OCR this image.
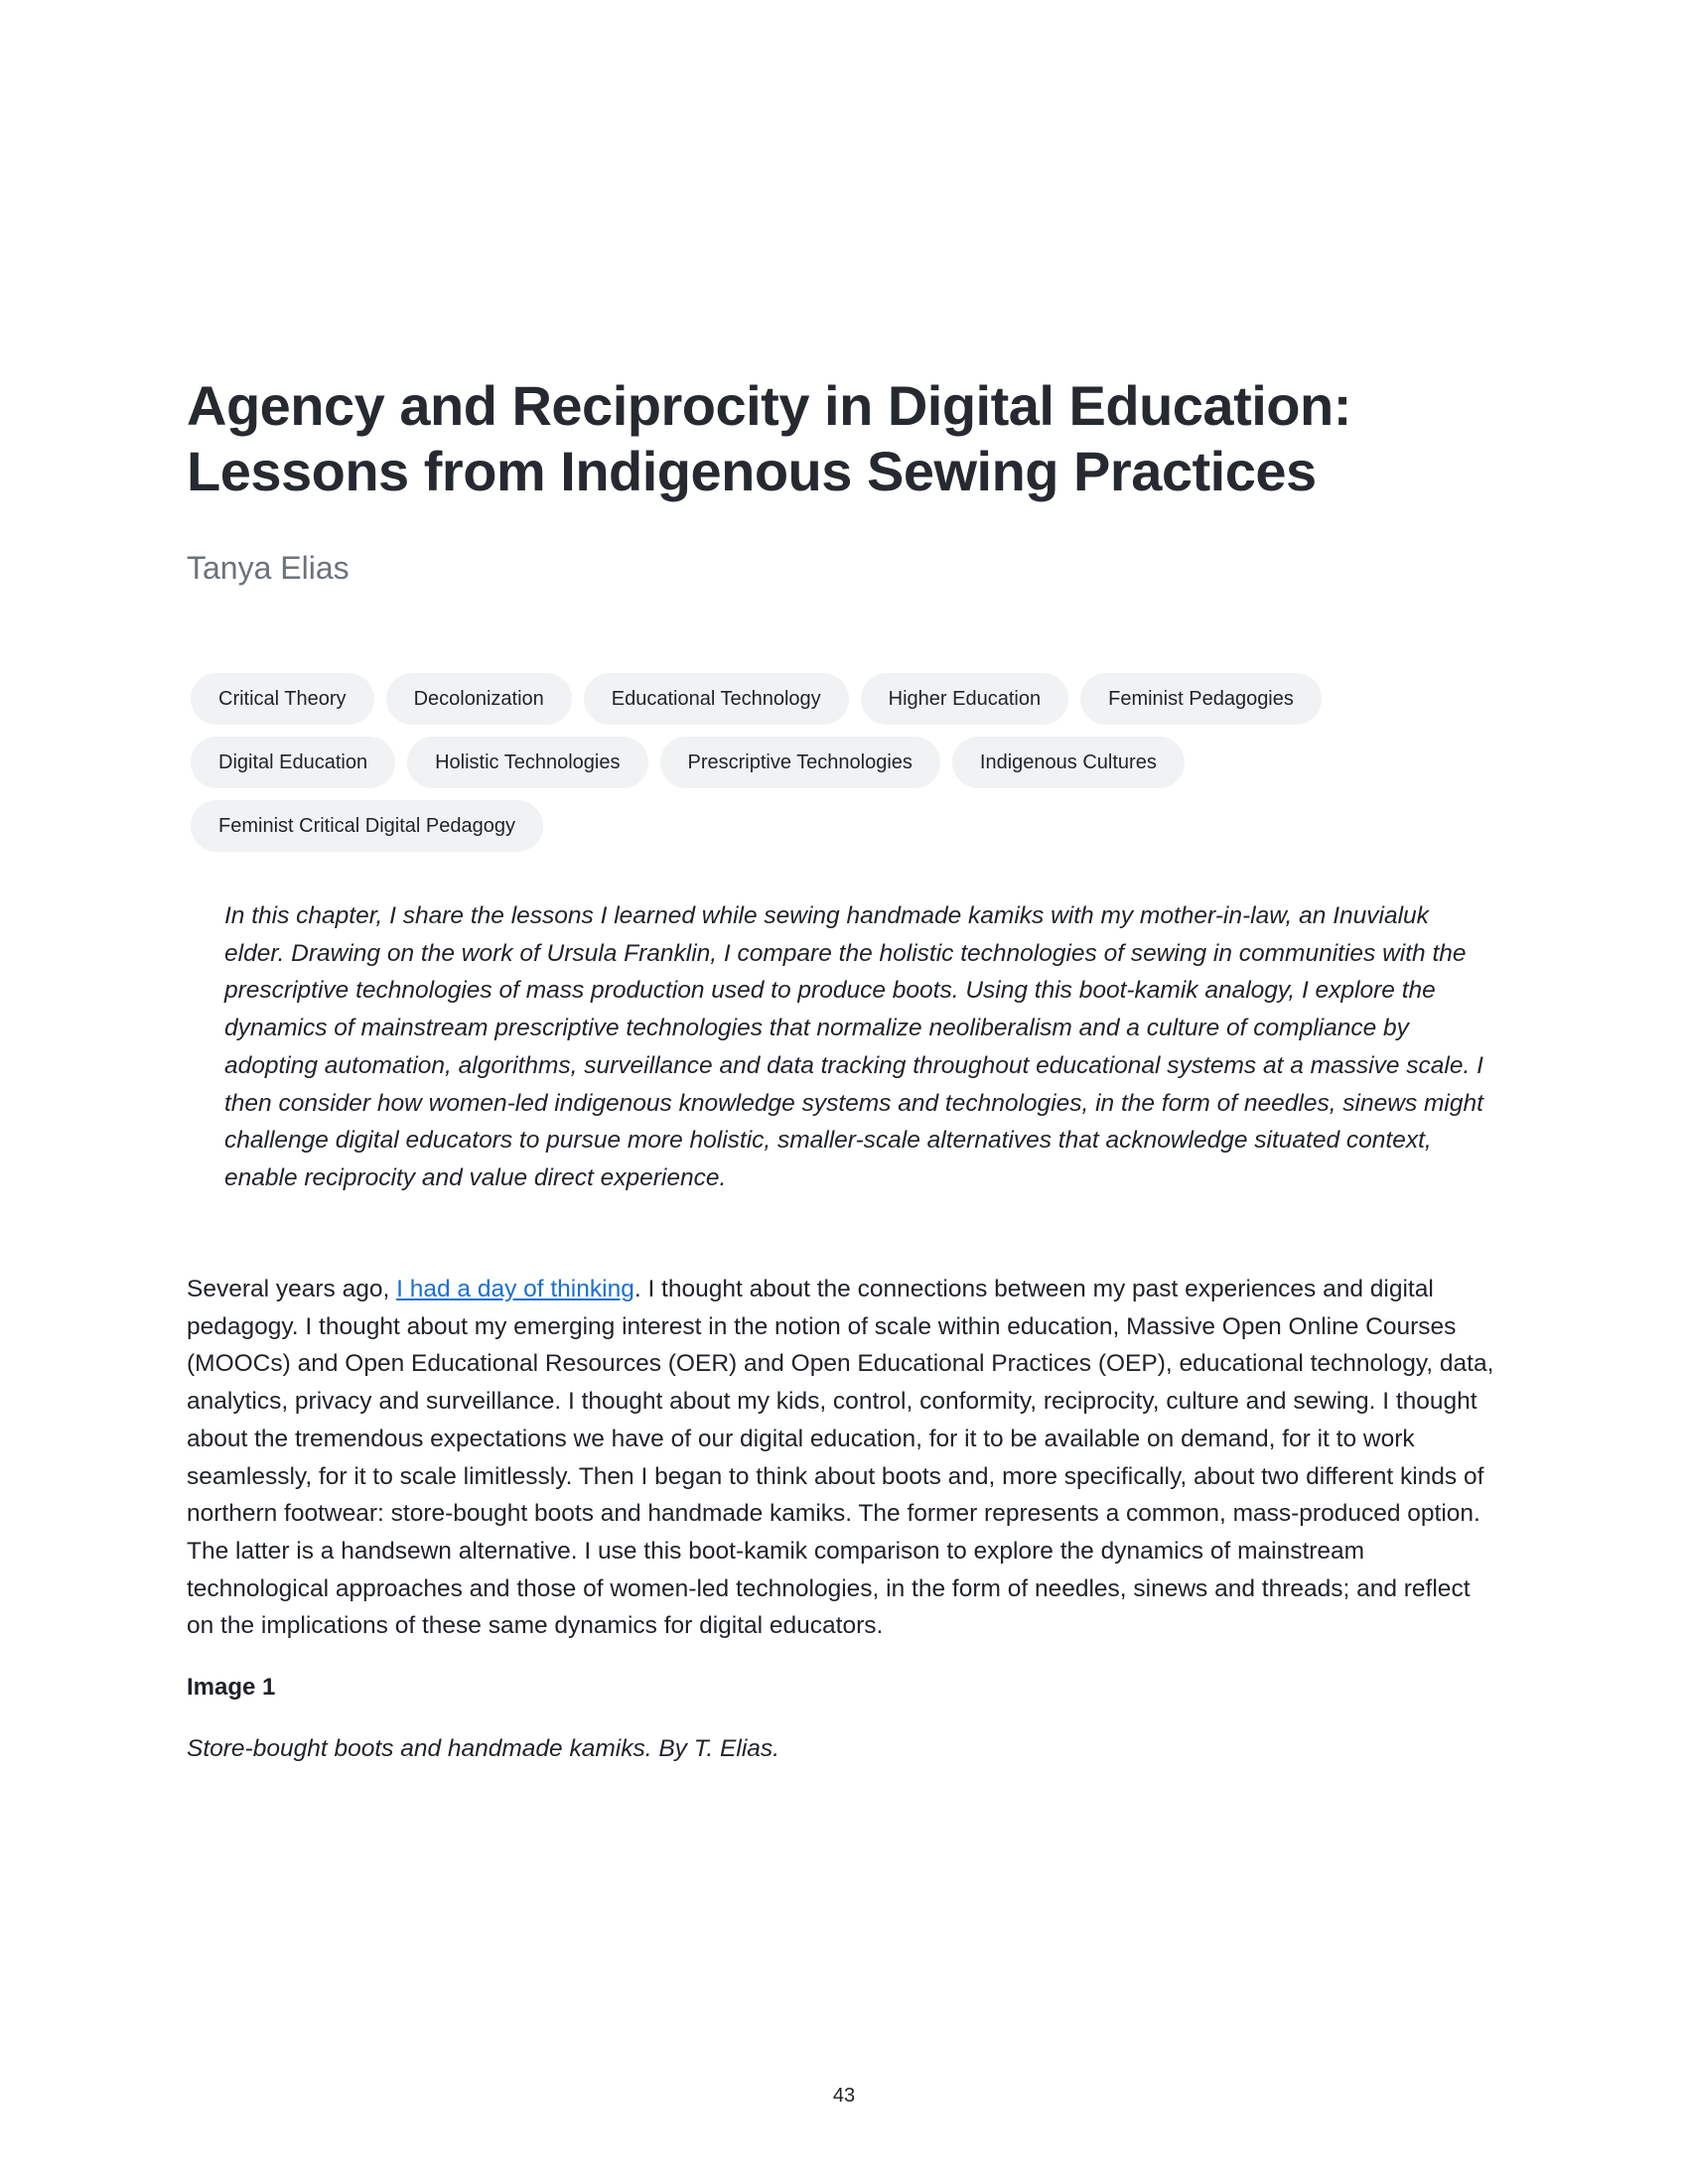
Agency and Reciprocity in Digital Education:
Lessons from Indigenous Sewing Practices
Tanya Elias
Critical Theory	Decolonization	Educational Technology	Higher Education	Feminist Pedagogies
Digital Education	Holistic Technologies	Prescriptive Technologies	Indigenous Cultures
Feminist Critical Digital Pedagogy

In this chapter, I share the lessons I learned while sewing handmade kamiks with my mother-in-law, an Inuvialuk elder. Drawing on the work of Ursula Franklin, I compare the holistic technologies of sewing in communities with the prescriptive technologies of mass production used to produce boots. Using this boot-kamik analogy, I explore the dynamics of mainstream prescriptive technologies that normalize neoliberalism and a culture of compliance by adopting automation, algorithms, surveillance and data tracking throughout educational systems at a massive scale. I then consider how women-led indigenous knowledge systems and technologies, in the form of needles, sinews might challenge digital educators to pursue more holistic, smaller-scale alternatives that acknowledge situated context, enable reciprocity and value direct experience.

Several years ago, I had a day of thinking. I thought about the connections between my past experiences and digital pedagogy. I thought about my emerging interest in the notion of scale within education, Massive Open Online Courses (MOOCs) and Open Educational Resources (OER) and Open Educational Practices (OEP), educational technology, data, analytics, privacy and surveillance. I thought about my kids, control, conformity, reciprocity, culture and sewing. I thought about the tremendous expectations we have of our digital education, for it to be available on demand, for it to work seamlessly, for it to scale limitlessly. Then I began to think about boots and, more specifically, about two different kinds of northern footwear: store-bought boots and handmade kamiks. The former represents a common, mass-produced option. The latter is a handsewn alternative. I use this boot-kamik comparison to explore the dynamics of mainstream technological approaches and those of women-led technologies, in the form of needles, sinews and threads; and reflect on the implications of these same dynamics for digital educators.

Image 1

Store-bought boots and handmade kamiks. By T. Elias.

43
